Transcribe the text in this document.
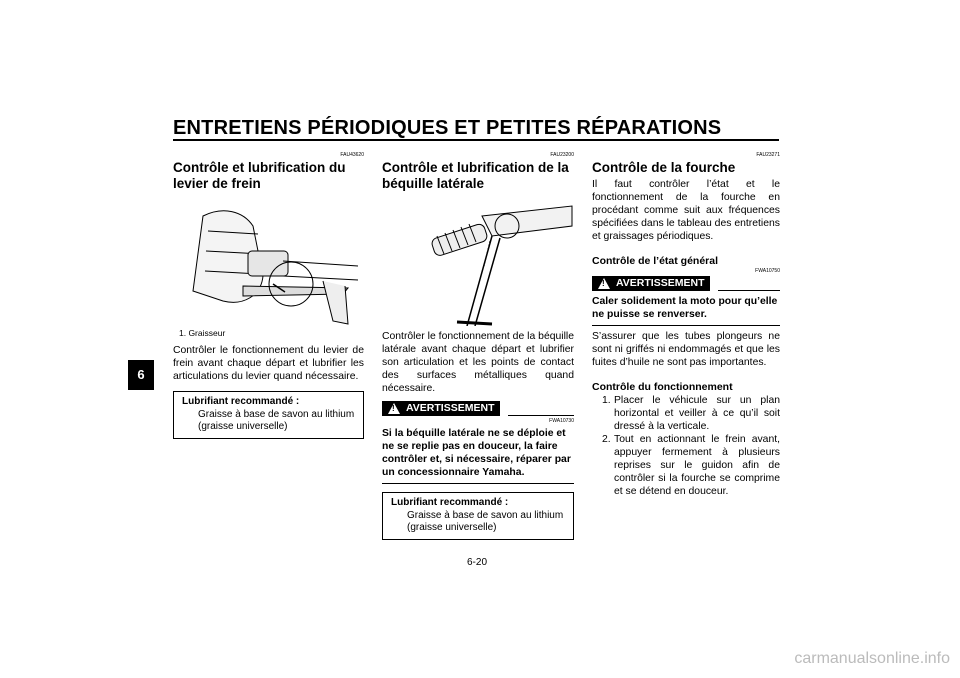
ENTRETIENS PÉRIODIQUES ET PETITES RÉPARATIONS
6
FAU43620
Contrôle et lubrification du levier de frein
1. Graisseur
Contrôler le fonctionnement du levier de frein avant chaque départ et lubrifier les articulations du levier quand nécessaire.
Lubrifiant recommandé :
Graisse à base de savon au lithium
(graisse universelle)
FAU23200
Contrôle et lubrification de la béquille latérale
Contrôler le fonctionnement de la béquille latérale avant chaque départ et lubrifier son articulation et les points de contact des surfaces métalliques quand nécessaire.
! AVERTISSEMENT
FWA10730
Si la béquille latérale ne se déploie et ne se replie pas en douceur, la faire contrôler et, si nécessaire, réparer par un concessionnaire Yamaha.
Lubrifiant recommandé :
Graisse à base de savon au lithium
(graisse universelle)
FAU23271
Contrôle de la fourche
Il faut contrôler l’état et le fonctionnement de la fourche en procédant comme suit aux fréquences spécifiées dans le tableau des entretiens et graissages périodiques.
Contrôle de l’état général
FWA10750
! AVERTISSEMENT
Caler solidement la moto pour qu’elle ne puisse se renverser.
S’assurer que les tubes plongeurs ne sont ni griffés ni endommagés et que les fuites d’huile ne sont pas importantes.
Contrôle du fonctionnement
1. Placer le véhicule sur un plan horizontal et veiller à ce qu’il soit dressé à la verticale.
2. Tout en actionnant le frein avant, appuyer fermement à plusieurs reprises sur le guidon afin de contrôler si la fourche se comprime et se détend en douceur.
6-20
carmanualsonline.info
